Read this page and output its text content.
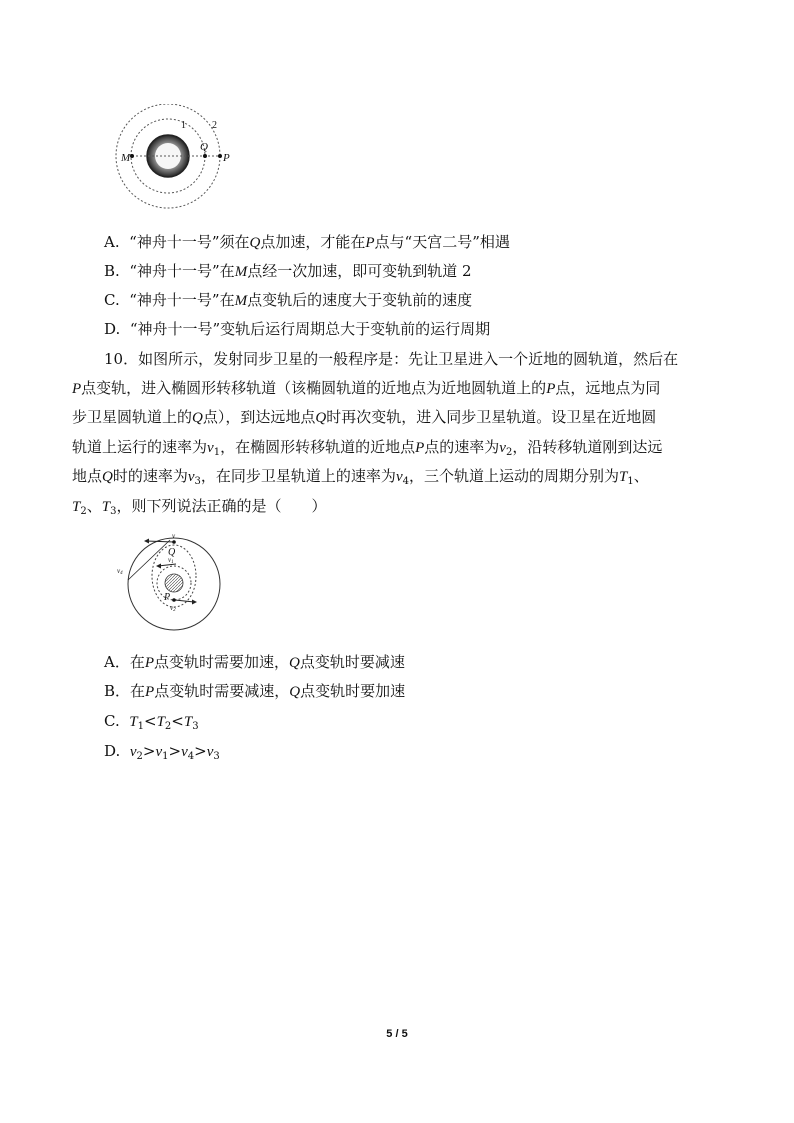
M
Q
P
1	2
A. “神舟十一号”须在Q点加速，才能在P点与“天宫二号”相遇
B. “神舟十一号”在M点经一次加速，即可变轨到轨道 2
C. “神舟十一号”在M点变轨后的速度大于变轨前的速度
D. “神舟十一号”变轨后运行周期总大于变轨前的运行周期
10．如图所示，发射同步卫星的一般程序是：先让卫星进入一个近地的圆轨道，然后在
P点变轨，进入椭圆形转移轨道（该椭圆轨道的近地点为近地圆轨道上的P点，远地点为同
步卫星圆轨道上的Q点），到达远地点Q时再次变轨，进入同步卫星轨道。设卫星在近地圆
轨道上运行的速率为$v_1$，在椭圆形转移轨道的近地点P点的速率为$v_2$，沿转移轨道刚到达远
地点Q时的速率为$v_3$，在同步卫星轨道上的速率为$v_4$，三个轨道上运动的周期分别为$T_1$、
$T_2$、$T_3$，则下列说法正确的是（　　）
v
v4
Q
v1
P
v2
A．在P点变轨时需要加速，Q点变轨时要减速
B．在P点变轨时需要减速，Q点变轨时要加速
C. $T_1<T_2<T_3$
D. $v_2>v_1>v_4>v_3$
5 / 5
